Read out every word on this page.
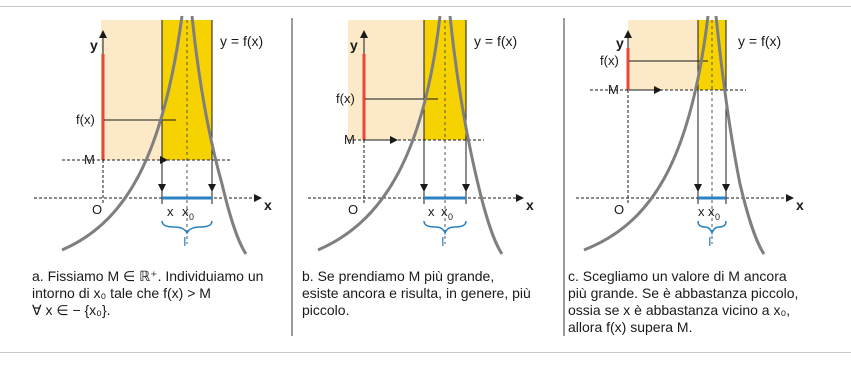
y	y = f(x)
f(x)
M
O	x
x x 0
I
y	y = f(x)
f(x)
M
O	x
x x 0
I
y	y = f(x)
f(x)
M
O	x
x x 0
I
a. Fissiamo M ∈ ℝ⁺. Individuiamo un
intorno di x₀ tale che f(x) > M
∀ x ∈ − {x₀}.
b. Se prendiamo M più grande,
esiste ancora e risulta, in genere, più
piccolo.
c. Scegliamo un valore di M ancora
più grande. Se è abbastanza piccolo,
ossia se x è abbastanza vicino a x₀,
allora f(x) supera M.
